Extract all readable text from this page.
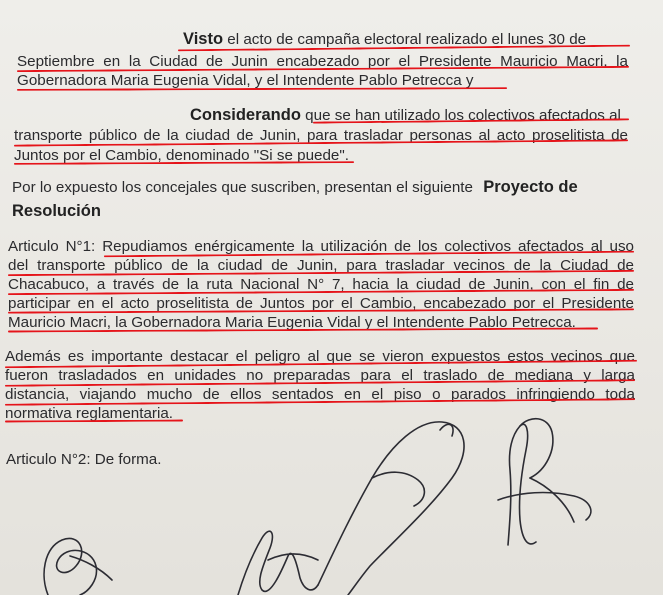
Visto el acto de campaña electoral realizado el lunes 30 de
Septiembre en la Ciudad de Junin encabezado por el Presidente Mauricio Macri, la
Gobernadora Maria Eugenia Vidal, y el Intendente Pablo Petrecca y
Considerando que se han utilizado los colectivos afectados al
transporte público de la ciudad de Junin, para trasladar personas al acto proselitista de
Juntos por el Cambio, denominado "Si se puede".
Por lo expuesto los concejales que suscriben, presentan el siguiente Proyecto de
Resolución
Articulo N°1: Repudiamos enérgicamente la utilización de los colectivos afectados al uso
del transporte público de la ciudad de Junin, para trasladar vecinos de la Ciudad de
Chacabuco, a través de la ruta Nacional N° 7, hacia la ciudad de Junin, con el fin de
participar en el acto proselitista de Juntos por el Cambio, encabezado por el Presidente
Mauricio Macri, la Gobernadora Maria Eugenia Vidal y el Intendente Pablo Petrecca.
Además es importante destacar el peligro al que se vieron expuestos estos vecinos que
fueron trasladados en unidades no preparadas para el traslado de mediana y larga
distancia, viajando mucho de ellos sentados en el piso o parados infringiendo toda
normativa reglamentaria.
Articulo N°2: De forma.
